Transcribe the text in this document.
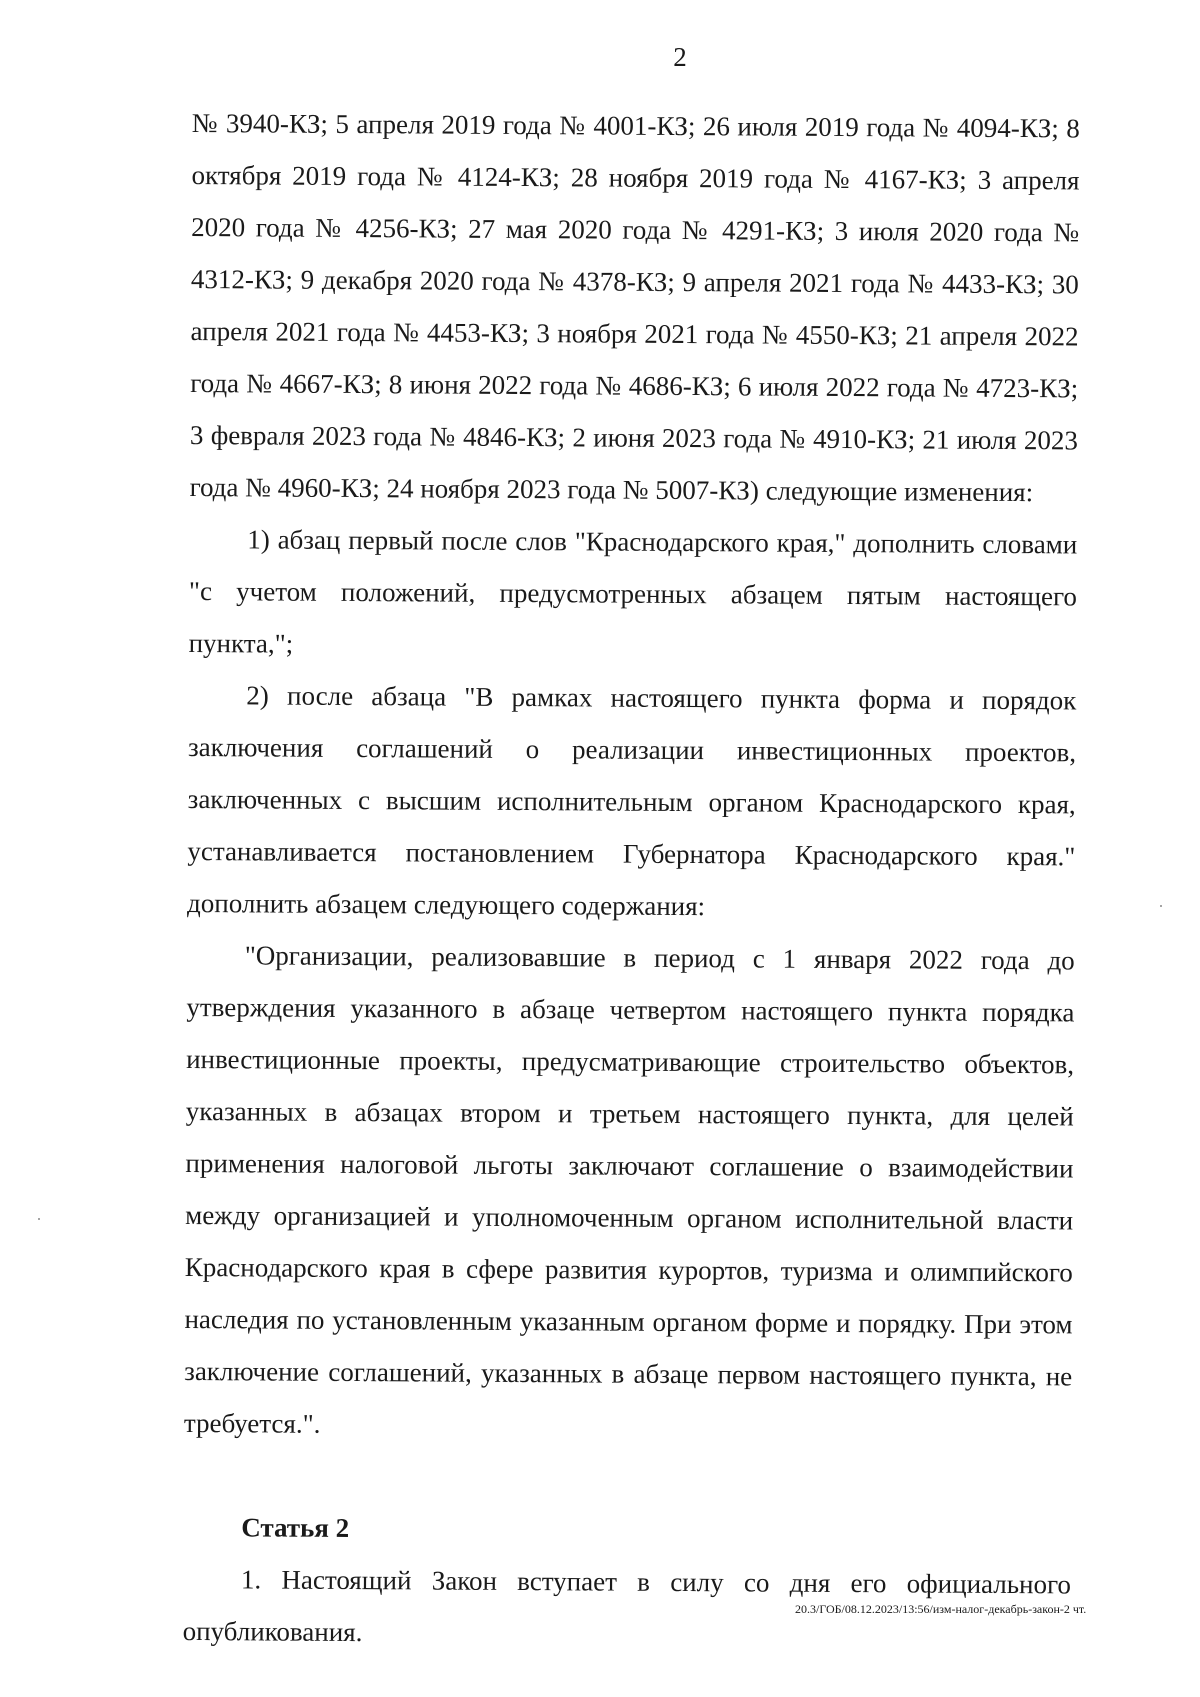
2

№ 3940-КЗ; 5 апреля 2019 года № 4001-КЗ; 26 июля 2019 года № 4094-КЗ; 8 октября 2019 года № 4124-КЗ; 28 ноября 2019 года № 4167-КЗ; 3 апреля 2020 года № 4256-КЗ; 27 мая 2020 года № 4291-КЗ; 3 июля 2020 года № 4312-КЗ; 9 декабря 2020 года № 4378-КЗ; 9 апреля 2021 года № 4433-КЗ; 30 апреля 2021 года № 4453-КЗ; 3 ноября 2021 года № 4550-КЗ; 21 апреля 2022 года № 4667-КЗ; 8 июня 2022 года № 4686-КЗ; 6 июля 2022 года № 4723-КЗ; 3 февраля 2023 года № 4846-КЗ; 2 июня 2023 года № 4910-КЗ; 21 июля 2023 года № 4960-КЗ; 24 ноября 2023 года № 5007-КЗ) следующие изменения:

1) абзац первый после слов "Краснодарского края," дополнить словами "с учетом положений, предусмотренных абзацем пятым настоящего пункта,";

2) после абзаца "В рамках настоящего пункта форма и порядок заключения соглашений о реализации инвестиционных проектов, заключенных с высшим исполнительным органом Краснодарского края, устанавливается постановлением Губернатора Краснодарского края." дополнить абзацем следующего содержания:

"Организации, реализовавшие в период с 1 января 2022 года до утверждения указанного в абзаце четвертом настоящего пункта порядка инвестиционные проекты, предусматривающие строительство объектов, указанных в абзацах втором и третьем настоящего пункта, для целей применения налоговой льготы заключают соглашение о взаимодействии между организацией и уполномоченным органом исполнительной власти Краснодарского края в сфере развития курортов, туризма и олимпийского наследия по установленным указанным органом форме и порядку. При этом заключение соглашений, указанных в абзаце первом настоящего пункта, не требуется.".

Статья 2

1. Настоящий Закон вступает в силу со дня его официального опубликования.

20.3/ГОБ/08.12.2023/13:56/изм-налог-декабрь-закон-2 чт.
